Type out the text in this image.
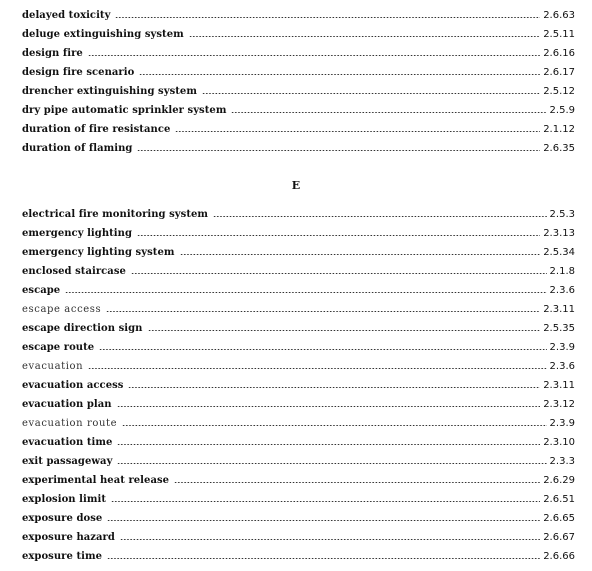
delayed toxicity	2.6.63
deluge extinguishing system	2.5.11
design fire	2.6.16
design fire scenario	2.6.17
drencher extinguishing system	2.5.12
dry pipe automatic sprinkler system	2.5.9
duration of fire resistance	2.1.12
duration of flaming	2.6.35
E
electrical fire monitoring system	2.5.3
emergency lighting	2.3.13
emergency lighting system	2.5.34
enclosed staircase	2.1.8
escape	2.3.6
escape access	2.3.11
escape direction sign	2.5.35
escape route	2.3.9
evacuation	2.3.6
evacuation access	2.3.11
evacuation plan	2.3.12
evacuation route	2.3.9
evacuation time	2.3.10
exit passageway	2.3.3
experimental heat release	2.6.29
explosion limit	2.6.51
exposure dose	2.6.65
exposure hazard	2.6.67
exposure time	2.6.66
